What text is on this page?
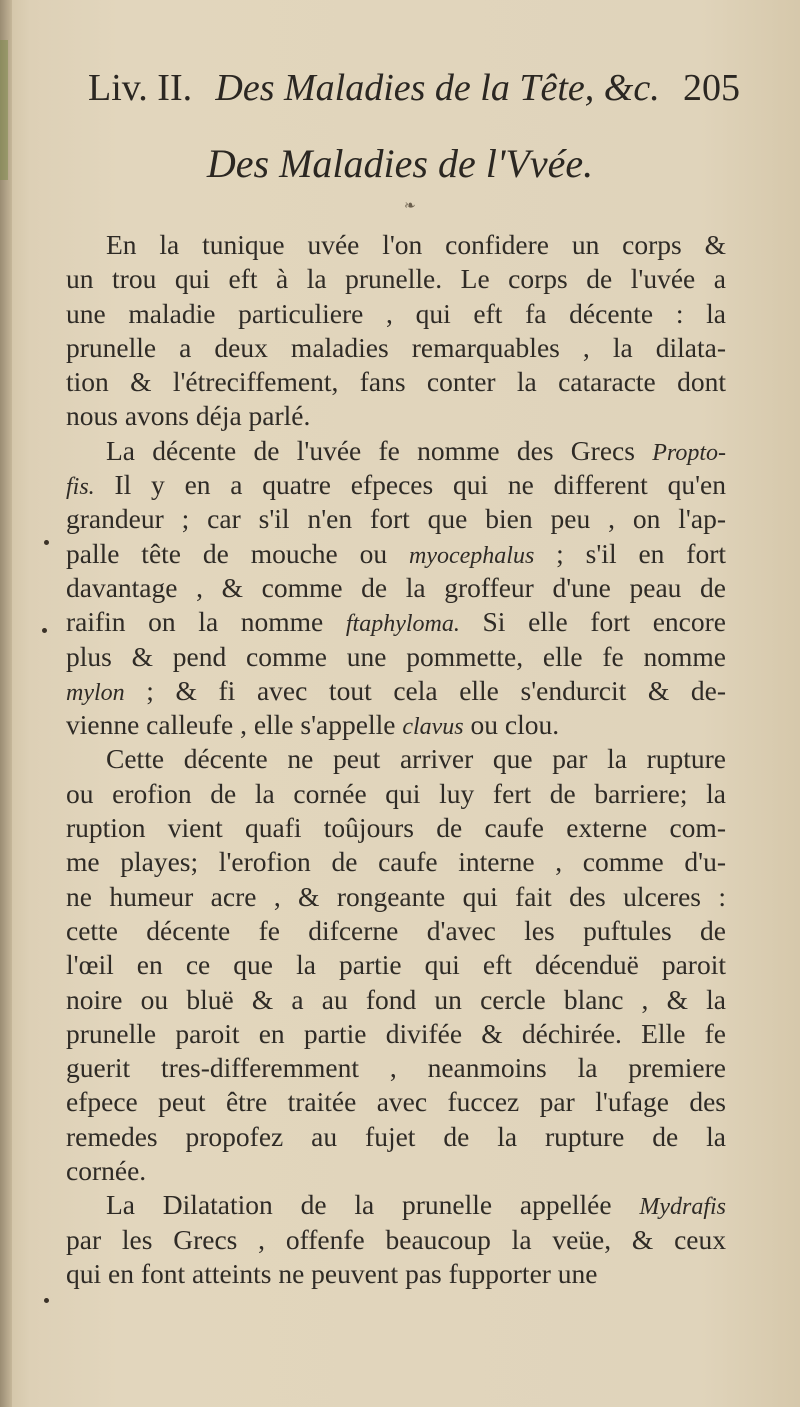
Liv. II. Des Maladies de la Tête, &c. 205
Des Maladies de l'Vvée.
❧
En la tunique uvée l'on confidere un corps &
un trou qui eft à la prunelle. Le corps de l'uvée a
une maladie particuliere , qui eft fa décente : la
prunelle a deux maladies remarquables , la dilata-
tion & l'étreciffement, fans conter la cataracte dont
nous avons déja parlé.
La décente de l'uvée fe nomme des Grecs Propto-
fis. Il y en a quatre efpeces qui ne different qu'en
grandeur ; car s'il n'en fort que bien peu , on l'ap-
palle tête de mouche ou myocephalus ; s'il en fort
davantage , & comme de la groffeur d'une peau de
raifin on la nomme ftaphyloma. Si elle fort encore
plus & pend comme une pommette, elle fe nomme
mylon ; & fi avec tout cela elle s'endurcit & de-
vienne calleufe , elle s'appelle clavus ou clou.
Cette décente ne peut arriver que par la rupture
ou erofion de la cornée qui luy fert de barriere; la
ruption vient quafi toûjours de caufe externe com-
me playes; l'erofion de caufe interne , comme d'u-
ne humeur acre , & rongeante qui fait des ulceres :
cette décente fe difcerne d'avec les puftules de
l'œil en ce que la partie qui eft décenduë paroit
noire ou bluë & a au fond un cercle blanc , & la
prunelle paroit en partie divifée & déchirée. Elle fe
guerit tres-differemment , neanmoins la premiere
efpece peut être traitée avec fuccez par l'ufage des
remedes propofez au fujet de la rupture de la
cornée.
La Dilatation de la prunelle appellée Mydrafis
par les Grecs , offenfe beaucoup la veüe, & ceux
qui en font atteints ne peuvent pas fupporter une
